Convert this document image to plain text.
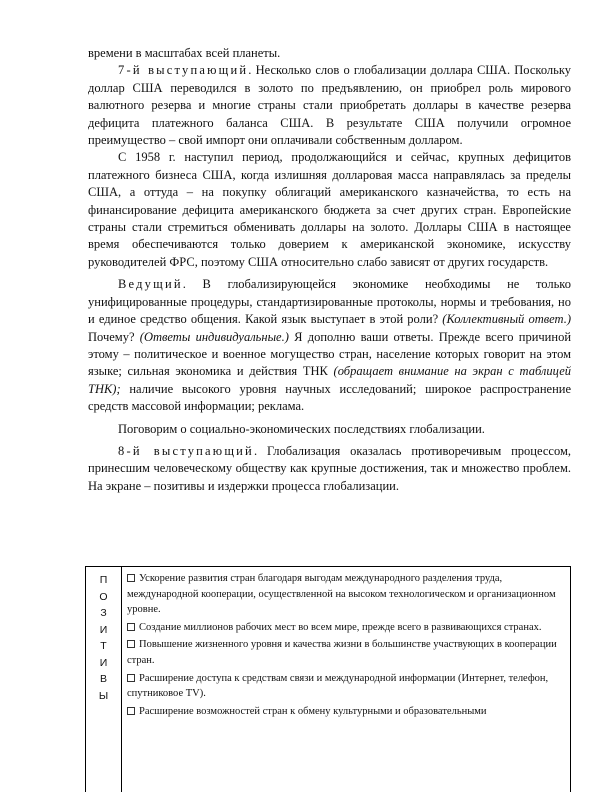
времени в масштабах всей планеты.

7-й выступающий. Несколько слов о глобализации доллара США. Поскольку доллар США переводился в золото по предъявлению, он приобрел роль мирового валютного резерва и многие страны стали приобретать доллары в качестве резерва дефицита платежного баланса США. В результате США получили огромное преимущество – свой импорт они оплачивали собственным долларом.

С 1958 г. наступил период, продолжающийся и сейчас, крупных дефицитов платежного бизнеса США, когда излишняя долларовая масса направлялась за пределы США, а оттуда – на покупку облигаций американского казначейства, то есть на финансирование дефицита американского бюджета за счет других стран. Европейские страны стали стремиться обменивать доллары на золото. Доллары США в настоящее время обеспечиваются только доверием к американской экономике, искусству руководителей ФРС, поэтому США относительно слабо зависят от других государств.

Ведущий. В глобализирующейся экономике необходимы не только унифицированные процедуры, стандартизированные протоколы, нормы и требования, но и единое средство общения. Какой язык выступает в этой роли? (Коллективный ответ.) Почему? (Ответы индивидуальные.) Я дополню ваши ответы. Прежде всего причиной этому – политическое и военное могущество стран, население которых говорит на этом языке; сильная экономика и действия ТНК (обращает внимание на экран с таблицей ТНК); наличие высокого уровня научных исследований; широкое распространение средств массовой информации; реклама.

Поговорим о социально-экономических последствиях глобализации.

8-й выступающий. Глобализация оказалась противоречивым процессом, принесшим человеческому обществу как крупные достижения, так и множество проблем. На экране – позитивы и издержки процесса глобализации.

П
О
З
И
Т
И
В
Ы
Ускорение развития стран благодаря выгодам международного разделения труда, международной кооперации, осуществленной на высоком технологическом и организационном уровне.
Создание миллионов рабочих мест во всем мире, прежде всего в развивающихся странах.
Повышение жизненного уровня и качества жизни в большинстве участвующих в кооперации стран.
Расширение доступа к средствам связи и международной информации (Интернет, телефон, спутниковое TV).
Расширение возможностей стран к обмену культурными и образовательными
